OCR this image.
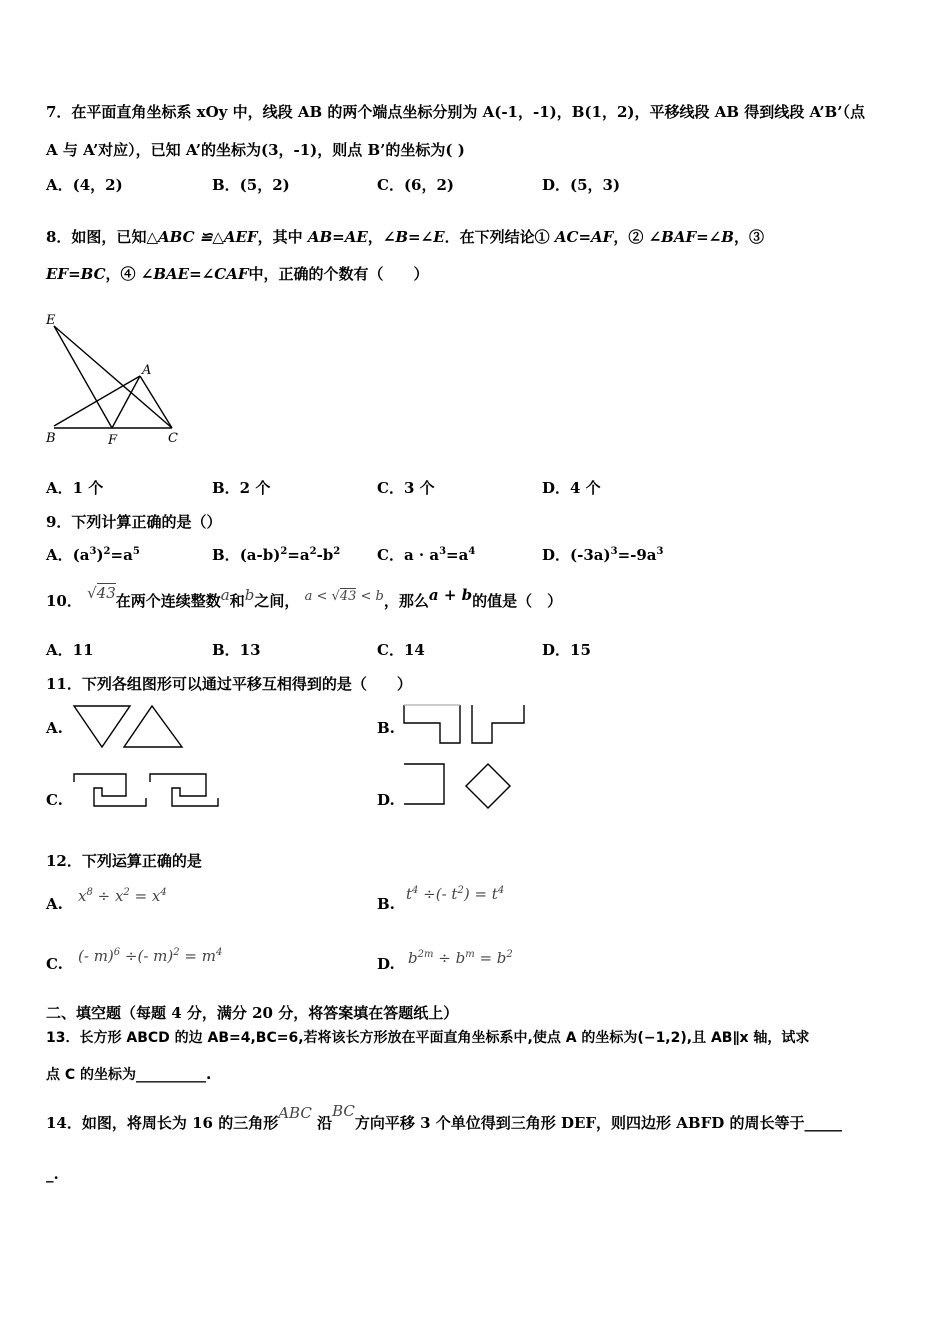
7．在平面直角坐标系 xOy 中，线段 AB 的两个端点坐标分别为 A(-1，-1)，B(1，2)，平移线段 AB 得到线段 A’B’（点
A 与 A’对应），已知 A’的坐标为(3，-1)，则点 B’的坐标为( )
A．(4，2)	B．(5，2)	C．(6，2)	D．(5，3)
8．如图，已知△ABC ≌△AEF，其中 AB=AE，∠B=∠E．在下列结论① AC=AF，② ∠BAF=∠B，③
EF=BC，④ ∠BAE=∠CAF中，正确的个数有（　　）
E
A
B	F	C
A．1 个	B．2 个	C．3 个	D．4 个
9．下列计算正确的是（）
A．$(a^3)^2=a^5$	B．$(a-b)^2=a^2-b^2$ C．$a \cdot a^3=a^4$	D．$(-3a)^3=-9a^3$
10． √43在两个连续整数a和b之间， a < √43 < b，那么a + b的值是（　）
A．11	B．13	C．14	D．15
11．下列各组图形可以通过平移互相得到的是（　　）
A.	B.
C.	D.
12．下列运算正确的是
A. $x^8 \div x^2 = x^4$
B.
$t^4$ ÷(- $t^2) = t^4$
C. (- m)$^6$ ÷(- $m)^2 = m^4$
D. $b^{2m} \div b^m = b^2$
二、填空题（每题 4 分，满分 20 分，将答案填在答题纸上）
13．长方形 ABCD 的边 AB=4,BC=6,若将该长方形放在平面直角坐标系中,使点 A 的坐标为(−1,2),且 AB∥x 轴，试求
点 C 的坐标为__________.
14．如图，将周长为 16 的三角形ABC 沿BC方向平移 3 个单位得到三角形 DEF，则四边形 ABFD 的周长等于_____
_.
